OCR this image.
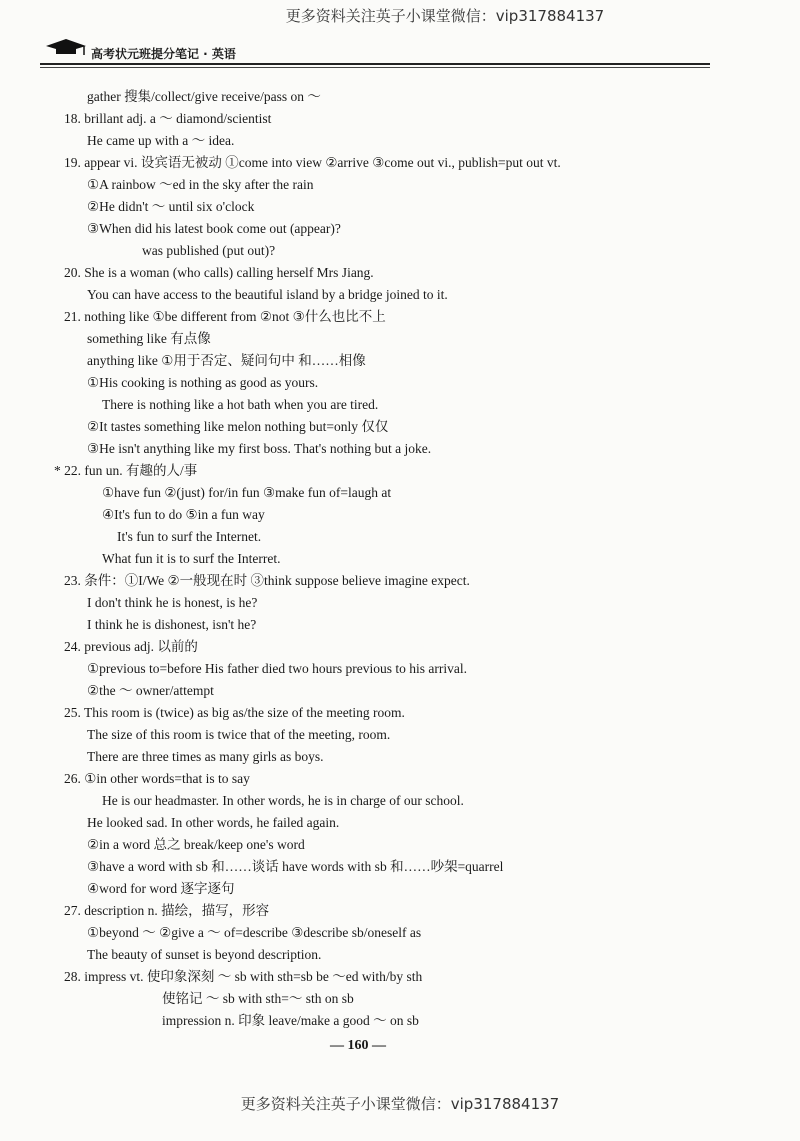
更多资料关注英子小课堂微信：vip317884137
高考状元班提分笔记 · 英语
gather 搜集/collect/give receive/pass on ～
18. brillant adj. a ～ diamond/scientist
He came up with a ～ idea.
19. appear vi. 设宾语无被动 ①come into view ②arrive ③come out vi., publish=put out vt.
①A rainbow ～ed in the sky after the rain
②He didn't ～ until six o'clock
③When did his latest book come out (appear)?
was published (put out)?
20. She is a woman (who calls) calling herself Mrs Jiang.
You can have access to the beautiful island by a bridge joined to it.
21. nothing like ①be different from ②not ③什么也比不上
something like 有点像
anything like ①用于否定、疑问句中 和……相像
①His cooking is nothing as good as yours.
There is nothing like a hot bath when you are tired.
②It tastes something like melon nothing but=only 仅仅
③He isn't anything like my first boss. That's nothing but a joke.
* 22. fun un. 有趣的人/事
①have fun ②(just) for/in fun ③make fun of=laugh at
④It's fun to do ⑤in a fun way
It's fun to surf the Internet.
What fun it is to surf the Interret.
23. 条件：①I/We ②一般现在时 ③think suppose believe imagine expect.
I don't think he is honest, is he?
I think he is dishonest, isn't he?
24. previous adj. 以前的
①previous to=before His father died two hours previous to his arrival.
②the ～ owner/attempt
25. This room is (twice) as big as/the size of the meeting room.
The size of this room is twice that of the meeting, room.
There are three times as many girls as boys.
26. ①in other words=that is to say
He is our headmaster. In other words, he is in charge of our school.
He looked sad. In other words, he failed again.
②in a word 总之 break/keep one's word
③have a word with sb 和……谈话 have words with sb 和……吵架=quarrel
④word for word 逐字逐句
27. description n. 描绘，描写，形容
①beyond ～ ②give a ～ of=describe ③describe sb/oneself as
The beauty of sunset is beyond description.
28. impress vt. 使印象深刻 ～ sb with sth=sb be ～ed with/by sth
使铭记 ～ sb with sth=～ sth on sb
impression n. 印象 leave/make a good ～ on sb
— 160 —
更多资料关注英子小课堂微信：vip317884137
